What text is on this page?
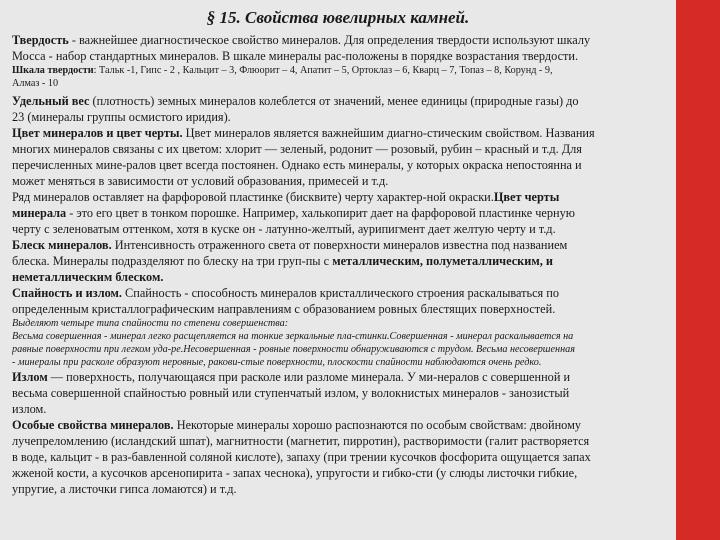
§ 15. Свойства ювелирных камней.

Твердость - важнейшее диагностическое свойство минералов. Для определения твердости используют шкалу

Мосса - набор стандартных минералов. В шкале минералы рас-положены в порядке возрастания твердости.

Шкала твердости: Тальк -1, Гипс - 2 , Кальцит – 3, Флюорит – 4, Апатит – 5, Ортоклаз – 6, Кварц – 7, Топаз – 8, Корунд - 9,

Алмаз - 10

Удельный вес (плотность) земных минералов колеблется от значений, менее единицы (природные газы) до

23 (минералы группы осмистого иридия).

Цвет минералов и цвет черты. Цвет минералов является важнейшим диагно-стическим свойством. Названия

многих минералов связаны с их цветом: хлорит — зеленый, родонит — розовый, рубин – красный и т.д. Для

перечисленных мине-ралов цвет всегда постоянен. Однако есть минералы, у которых окраска непостоянна и

может меняться в зависимости от условий образования, примесей и т.д.

Ряд минералов оставляет на фарфоровой пластинке (бисквите) черту характер-ной окраски.Цвет черты

минерала - это его цвет в тонком порошке. Например, халькопирит дает на фарфоровой пластинке черную

черту с зеленоватым оттенком, хотя в куске он - латунно-желтый, аурипигмент дает желтую черту и т.д.

Блеск минералов. Интенсивность отраженного света от поверхности минералов известна под названием

блеска. Минералы подразделяют по блеску на три груп-пы с металлическим, полуметаллическим, и

неметаллическим блеском.

Спайность и излом. Спайность - способность минералов кристаллического строения раскалываться по

определенным кристаллографическим направлениям с образованием ровных блестящих поверхностей.

Выделяют четыре типа спайности по степени совершенства:

Весьма совершенная - минерал легко расщепляется на тонкие зеркальные пла-стинки.Совершенная - минерал раскалывается на

равные поверхности при легком уда-ре.Несовершенная - ровные поверхности обнаруживаются с трудом. Весьма несовершенная

- минералы при расколе образуют неровные, ракови-стые поверхности, плоскости спайности наблюдаются очень редко.

Излом — поверхность, получающаяся при расколе или разломе минерала. У ми-нералов с совершенной и

весьма совершенной спайностью ровный или ступенчатый излом, у волокнистых минералов - занозистый

излом.

Особые свойства минералов. Некоторые минералы хорошо распознаются по особым свойствам: двойному

лучепреломлению (исландский шпат), магнитности (магнетит, пирротин), растворимости (галит растворяется

в воде, кальцит - в раз-бавленной соляной кислоте), запаху (при трении кусочков фосфорита ощущается запах

жженой кости, а кусочков арсенопирита - запах чеснока), упругости и гибко-сти (у слюды листочки гибкие,

упругие, а листочки гипса ломаются) и т.д.
